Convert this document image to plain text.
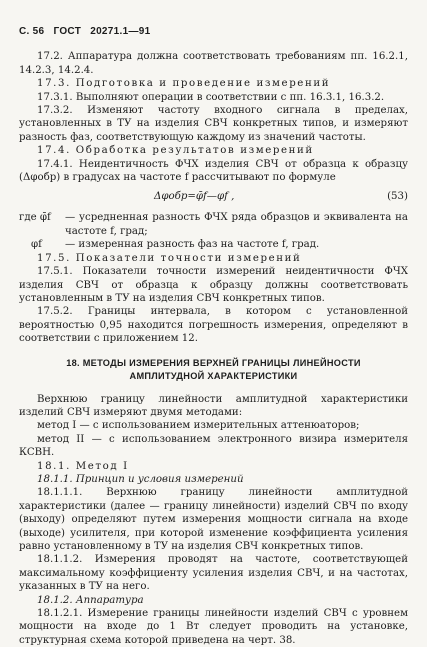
С. 56 ГОСТ 20271.1—91

17.2. Аппаратура должна соответствовать требованиям пп. 16.2.1, 14.2.3, 14.2.4.

17.3. Подготовка и проведение измерений

17.3.1. Выполняют операции в соответствии с пп. 16.3.1, 16.3.2.

17.3.2. Изменяют частоту входного сигнала в пределах, установленных в ТУ на изделия СВЧ конкретных типов, и измеряют разность фаз, соответствующую каждому из значений частоты.

17.4. Обработка результатов измерений

17.4.1. Неидентичность ФЧХ изделия СВЧ от образца к образцу (Δφобр) в градусах на частоте f рассчитывают по формуле

Δφобр=φ̄f—φf ,	(53)

где φ̄f — усредненная разность ФЧХ ряда образцов и эквивалента на частоте f, град;

φf — измеренная разность фаз на частоте f, град.

17.5. Показатели точности измерений

17.5.1. Показатели точности измерений неидентичности ФЧХ изделия СВЧ от образца к образцу должны соответствовать установленным в ТУ на изделия СВЧ конкретных типов.

17.5.2. Границы интервала, в котором с установленной вероятностью 0,95 находится погрешность измерения, определяют в соответствии с приложением 12.

18. МЕТОДЫ ИЗМЕРЕНИЯ ВЕРХНЕЙ ГРАНИЦЫ ЛИНЕЙНОСТИ
АМПЛИТУДНОЙ ХАРАКТЕРИСТИКИ

Верхнюю границу линейности амплитудной характеристики изделий СВЧ измеряют двумя методами:

метод I — с использованием измерительных аттенюаторов;

метод II — с использованием электронного визира измерителя КСВН.

18.1. Метод I

18.1.1. Принцип и условия измерений

18.1.1.1. Верхнюю границу линейности амплитудной характеристики (далее — границу линейности) изделий СВЧ по входу (выходу) определяют путем измерения мощности сигнала на входе (выходе) усилителя, при которой изменение коэффициента усиления равно установленному в ТУ на изделия СВЧ конкретных типов.

18.1.1.2. Измерения проводят на частоте, соответствующей максимальному коэффициенту усиления изделия СВЧ, и на частотах, указанных в ТУ на него.

18.1.2. Аппаратура

18.1.2.1. Измерение границы линейности изделий СВЧ с уровнем мощности на входе до 1 Вт следует проводить на установке, структурная схема которой приведена на черт. 38.
